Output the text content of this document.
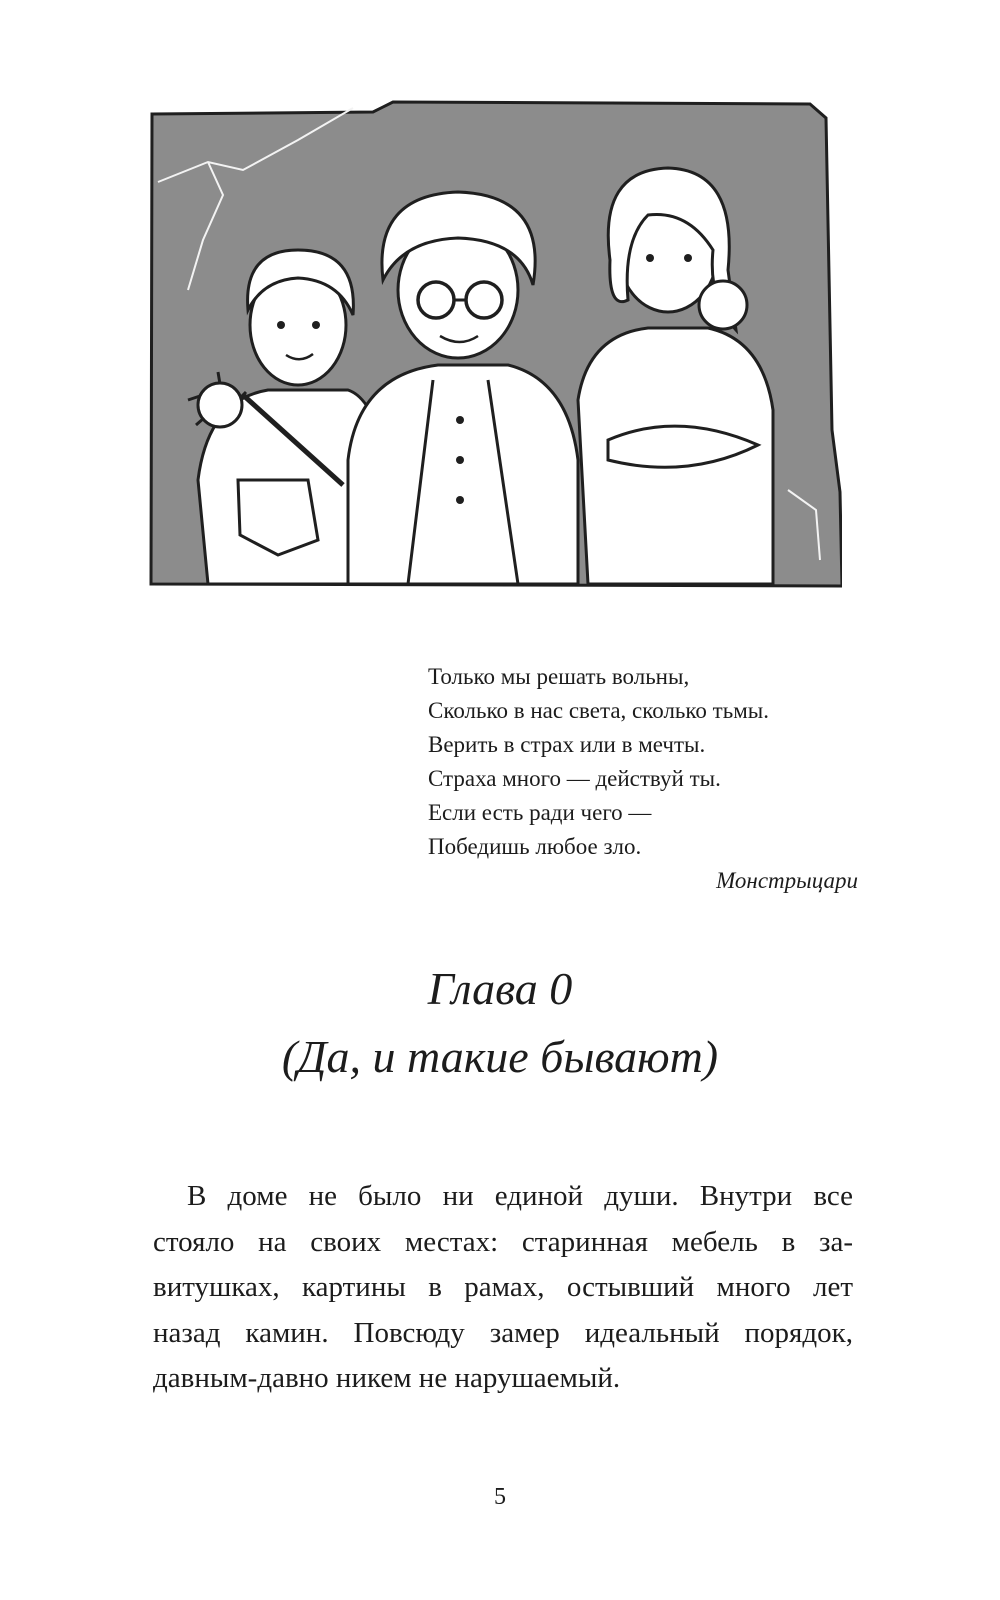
Только мы решать вольны,
Сколько в нас света, сколько тьмы.
Верить в страх или в мечты.
Страха много — действуй ты.
Если есть ради чего —
Победишь любое зло.
Монстрыцари
Глава 0
(Да, и такие бывают)

В доме не было ни единой души. Внутри все
стояло на своих местах: старинная мебель в за-
витушках, картины в рамах, остывший много лет
назад камин. Повсюду замер идеальный порядок,
давным-давно никем не нарушаемый.

5
